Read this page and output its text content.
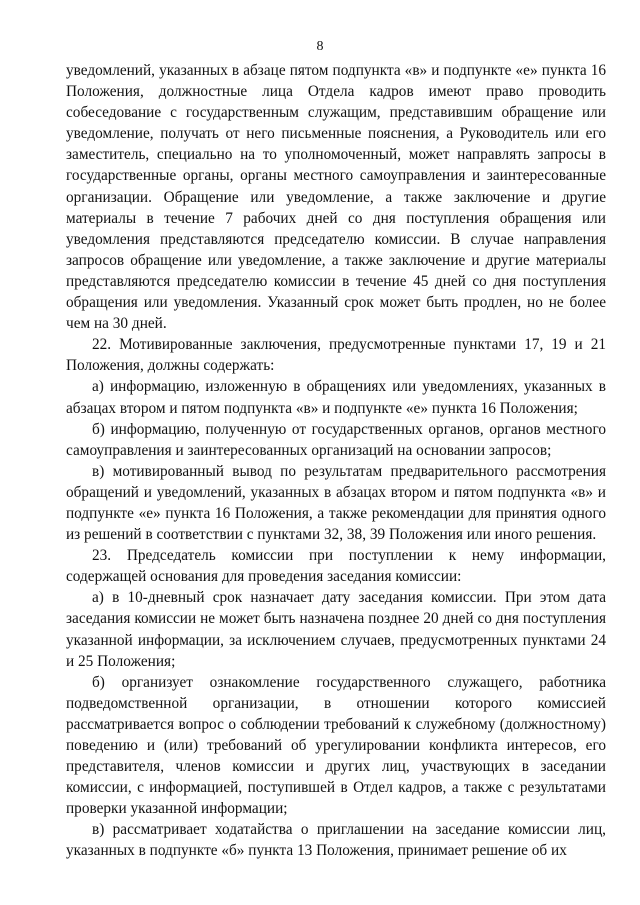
8

уведомлений, указанных в абзаце пятом подпункта «в» и подпункте «е» пункта 16 Положения, должностные лица Отдела кадров имеют право проводить собеседование с государственным служащим, представившим обращение или уведомление, получать от него письменные пояснения, а Руководитель или его заместитель, специально на то уполномоченный, может направлять запросы в государственные органы, органы местного самоуправления и заинтересованные организации. Обращение или уведомление, а также заключение и другие материалы в течение 7 рабочих дней со дня поступления обращения или уведомления представляются председателю комиссии. В случае направления запросов обращение или уведомление, а также заключение и другие материалы представляются председателю комиссии в течение 45 дней со дня поступления обращения или уведомления. Указанный срок может быть продлен, но не более чем на 30 дней.

22. Мотивированные заключения, предусмотренные пунктами 17, 19 и 21 Положения, должны содержать:

а) информацию, изложенную в обращениях или уведомлениях, указанных в абзацах втором и пятом подпункта «в» и подпункте «е» пункта 16 Положения;

б) информацию, полученную от государственных органов, органов местного самоуправления и заинтересованных организаций на основании запросов;

в) мотивированный вывод по результатам предварительного рассмотрения обращений и уведомлений, указанных в абзацах втором и пятом подпункта «в» и подпункте «е» пункта 16 Положения, а также рекомендации для принятия одного из решений в соответствии с пунктами 32, 38, 39 Положения или иного решения.

23. Председатель комиссии при поступлении к нему информации, содержащей основания для проведения заседания комиссии:

а) в 10-дневный срок назначает дату заседания комиссии. При этом дата заседания комиссии не может быть назначена позднее 20 дней со дня поступления указанной информации, за исключением случаев, предусмотренных пунктами 24 и 25 Положения;

б) организует ознакомление государственного служащего, работника подведомственной организации, в отношении которого комиссией рассматривается вопрос о соблюдении требований к служебному (должностному) поведению и (или) требований об урегулировании конфликта интересов, его представителя, членов комиссии и других лиц, участвующих в заседании комиссии, с информацией, поступившей в Отдел кадров, а также с результатами проверки указанной информации;

в) рассматривает ходатайства о приглашении на заседание комиссии лиц, указанных в подпункте «б» пункта 13 Положения, принимает решение об их
